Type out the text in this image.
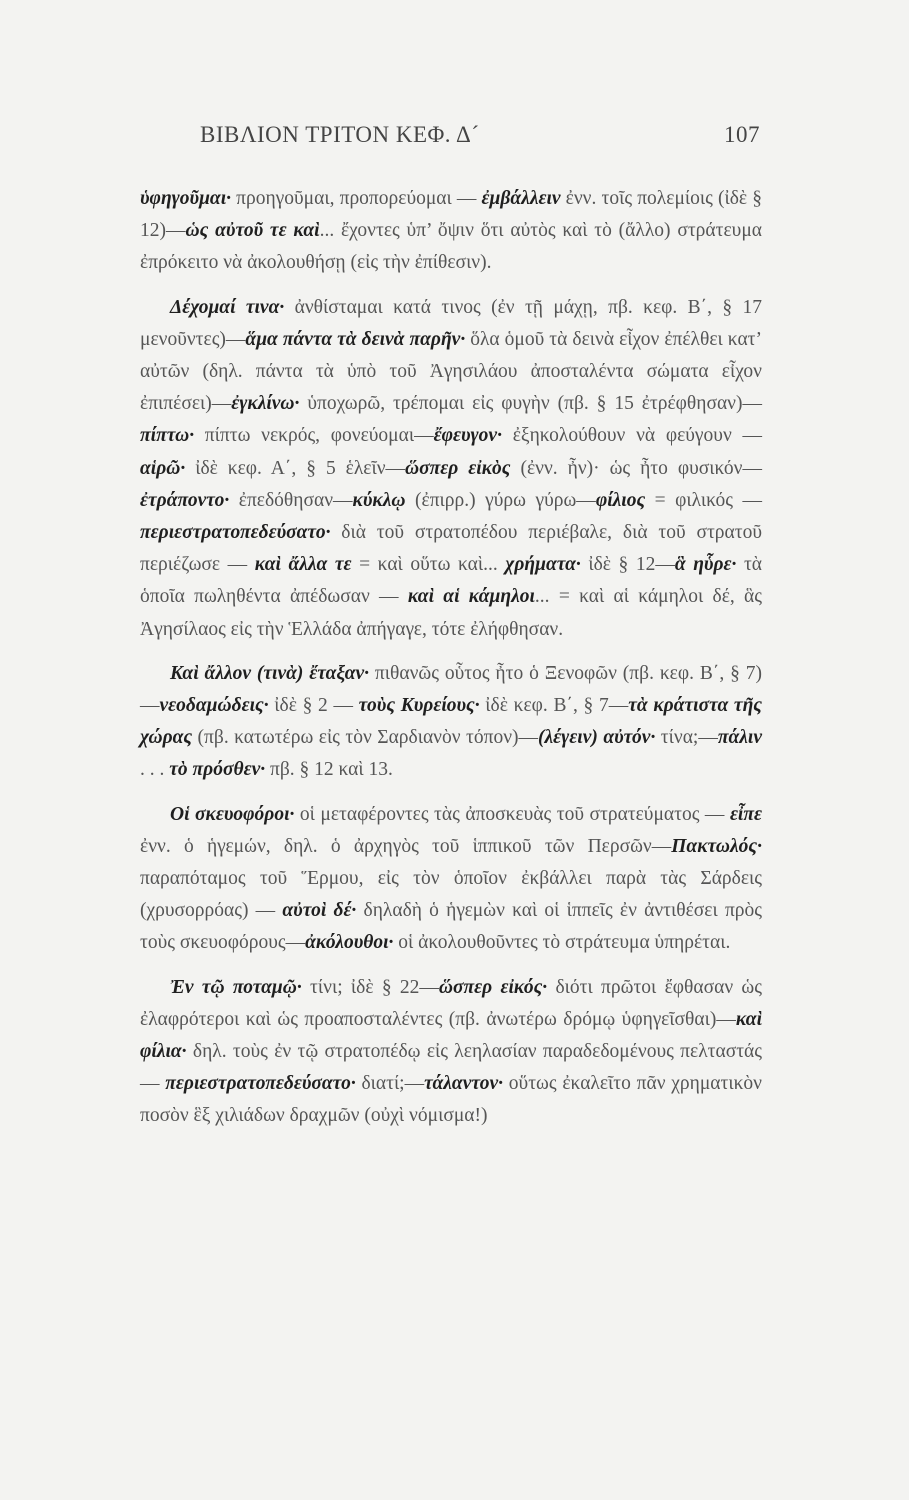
ΒΙΒΛΙΟΝ ΤΡΙΤΟΝ ΚΕΦ. Δ´	107

ὑφηγοῦμαι· προηγοῦμαι, προπορεύομαι — ἐμβάλλειν ἐνν. τοῖς πολεμίοις (ἰδὲ § 12)—ὡς αὐτοῦ τε καὶ... ἔχοντες ὑπ’ ὄψιν ὅτι αὐτὸς καὶ τὸ (ἄλλο) στράτευμα ἐπρόκειτο νὰ ἀκολουθήσῃ (εἰς τὴν ἐπίθεσιν).

Δέχομαί τινα· ἀνθίσταμαι κατά τινος (ἐν τῇ μάχῃ, πβ. κεφ. Β΄, § 17 μενοῦντες)—ἅμα πάντα τὰ δεινὰ παρῆν· ὅλα ὁμοῦ τὰ δεινὰ εἶχον ἐπέλθει κατ’ αὐτῶν (δηλ. πάντα τὰ ὑπὸ τοῦ Ἀγησιλάου ἀποσταλέντα σώματα εἶχον ἐπιπέσει)—ἐγκλίνω· ὑποχωρῶ, τρέπομαι εἰς φυγὴν (πβ. § 15 ἐτρέφθησαν)—πίπτω· πίπτω νεκρός, φονεύομαι—ἔφευγον· ἐξηκολούθουν νὰ φεύγουν — αἱρῶ· ἰδὲ κεφ. Α΄, § 5 ἑλεῖν—ὥσπερ εἰκὸς (ἐνν. ἦν)· ὡς ἦτο φυσικόν—ἐτράποντο· ἐπεδόθησαν—κύκλῳ (ἐπιρρ.) γύρω γύρω—φίλιος = φιλικός — περιεστρατοπεδεύσατο· διὰ τοῦ στρατοπέδου περιέβαλε, διὰ τοῦ στρατοῦ περιέζωσε — καὶ ἄλλα τε = καὶ οὕτω καὶ... χρήματα· ἰδὲ § 12—ἃ ηὗρε· τὰ ὁποῖα πωληθέντα ἀπέδωσαν — καὶ αἱ κάμηλοι... = καὶ αἱ κάμηλοι δέ, ἃς Ἀγησίλαος εἰς τὴν Ἑλλάδα ἀπήγαγε, τότε ἐλήφθησαν.

Καὶ ἄλλον (τινὰ) ἔταξαν· πιθανῶς οὗτος ἦτο ὁ Ξενοφῶν (πβ. κεφ. Β΄, § 7)—νεοδαμώδεις· ἰδὲ § 2 — τοὺς Κυρείους· ἰδὲ κεφ. Β΄, § 7—τὰ κράτιστα τῆς χώρας (πβ. κατωτέρω εἰς τὸν Σαρδιανὸν τόπον)—(λέγειν) αὐτόν· τίνα;—πάλιν . . . τὸ πρόσθεν· πβ. § 12 καὶ 13.

Οἱ σκευοφόροι· οἱ μεταφέροντες τὰς ἀποσκευὰς τοῦ στρατεύματος — εἶπε ἐνν. ὁ ἡγεμών, δηλ. ὁ ἀρχηγὸς τοῦ ἱππικοῦ τῶν Περσῶν—Πακτωλός· παραπόταμος τοῦ Ἕρμου, εἰς τὸν ὁποῖον ἐκβάλλει παρὰ τὰς Σάρδεις (χρυσορρόας) — αὐτοὶ δέ· δηλαδὴ ὁ ἡγεμὼν καὶ οἱ ἱππεῖς ἐν ἀντιθέσει πρὸς τοὺς σκευοφόρους—ἀκόλουθοι· οἱ ἀκολουθοῦντες τὸ στράτευμα ὑπηρέται.

Ἐν τῷ ποταμῷ· τίνι; ἰδὲ § 22—ὥσπερ εἰκός· διότι πρῶτοι ἔφθασαν ὡς ἐλαφρότεροι καὶ ὡς προαποσταλέντες (πβ. ἀνωτέρω δρόμῳ ὑφηγεῖσθαι)—καὶ φίλια· δηλ. τοὺς ἐν τῷ στρατοπέδῳ εἰς λεηλασίαν παραδεδομένους πελταστάς — περιεστρατοπεδεύσατο· διατί;—τάλαντον· οὕτως ἐκαλεῖτο πᾶν χρηματικὸν ποσὸν ἓξ χιλιάδων δραχμῶν (οὐχὶ νόμισμα!)
